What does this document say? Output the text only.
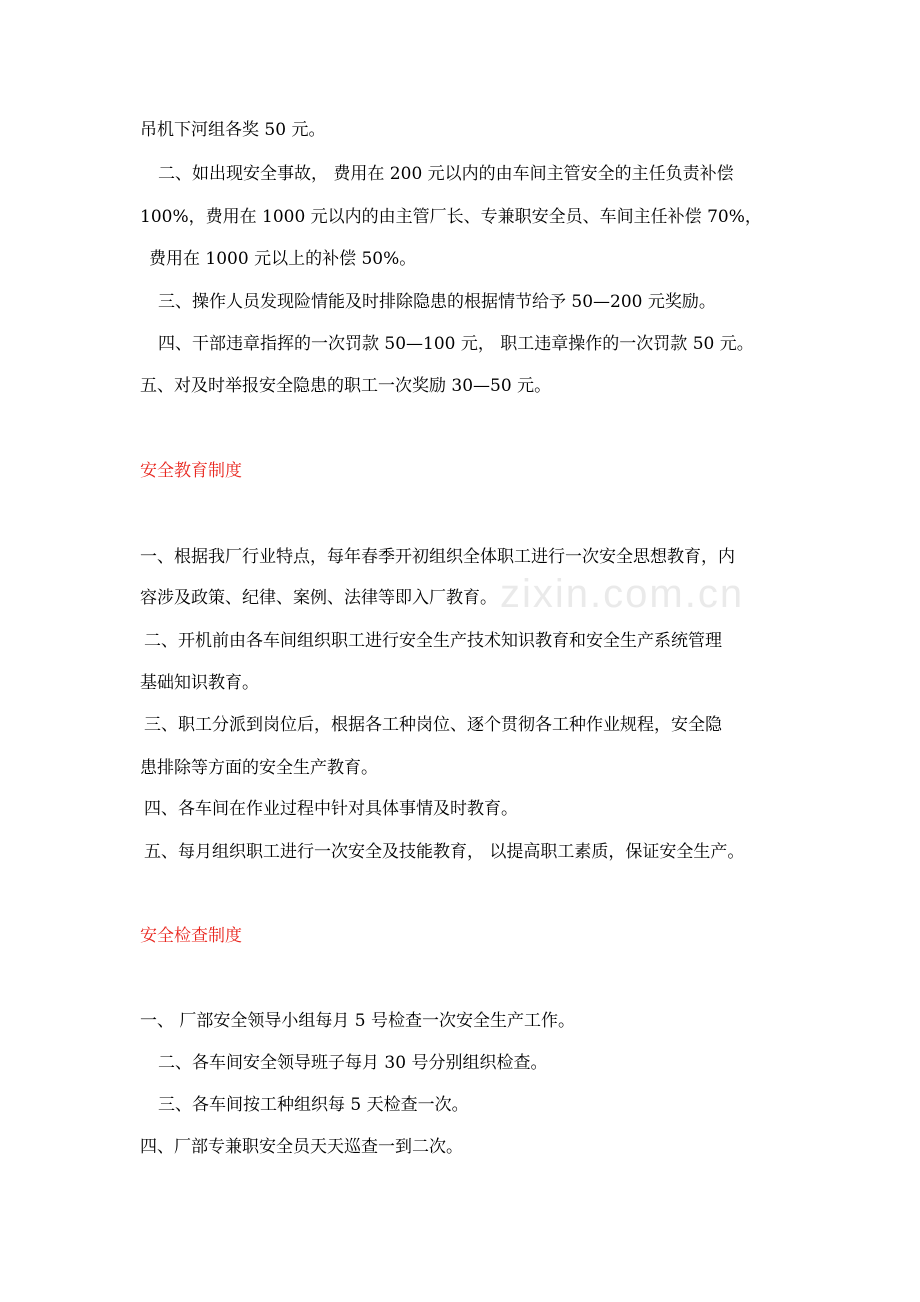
吊机下河组各奖 50 元。
二、如出现安全事故， 费用在 200 元以内的由车间主管安全的主任负责补偿
100%，费用在 1000 元以内的由主管厂长、专兼职安全员、车间主任补偿 70%，
费用在 1000 元以上的补偿 50%。
三、操作人员发现险情能及时排除隐患的根据情节给予 50—200 元奖励。
四、干部违章指挥的一次罚款 50—100 元， 职工违章操作的一次罚款 50 元。
五、对及时举报安全隐患的职工一次奖励 30—50 元。
安全教育制度
一、根据我厂行业特点，每年春季开初组织全体职工进行一次安全思想教育，内
容涉及政策、纪律、案例、法律等即入厂教育。
二、开机前由各车间组织职工进行安全生产技术知识教育和安全生产系统管理
基础知识教育。
三、职工分派到岗位后，根据各工种岗位、逐个贯彻各工种作业规程，安全隐
患排除等方面的安全生产教育。
四、各车间在作业过程中针对具体事情及时教育。
五、每月组织职工进行一次安全及技能教育， 以提高职工素质，保证安全生产。
安全检查制度
一、 厂部安全领导小组每月 5 号检查一次安全生产工作。
二、各车间安全领导班子每月 30 号分别组织检查。
三、各车间按工种组织每 5 天检查一次。
四、厂部专兼职安全员天天巡查一到二次。
zixin.com.cn
